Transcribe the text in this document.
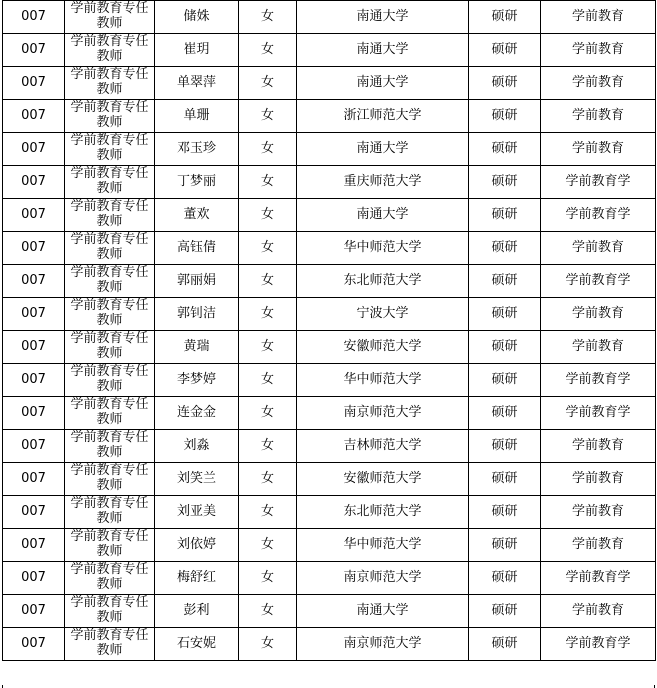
007	学前教育专任教师	储姝	女	南通大学	硕研	学前教育

007	学前教育专任教师	崔玥	女	南通大学	硕研	学前教育

007	学前教育专任教师	单翠萍	女	南通大学	硕研	学前教育

007	学前教育专任教师	单珊	女	浙江师范大学	硕研	学前教育

007	学前教育专任教师	邓玉珍	女	南通大学	硕研	学前教育

007	学前教育专任教师	丁梦丽	女	重庆师范大学	硕研	学前教育学

007	学前教育专任教师	董欢	女	南通大学	硕研	学前教育学

007	学前教育专任教师	高钰倩	女	华中师范大学	硕研	学前教育

007	学前教育专任教师	郭丽娟	女	东北师范大学	硕研	学前教育学

007	学前教育专任教师	郭钊洁	女	宁波大学	硕研	学前教育

007	学前教育专任教师	黄瑞	女	安徽师范大学	硕研	学前教育

007	学前教育专任教师	李梦婷	女	华中师范大学	硕研	学前教育学

007	学前教育专任教师	连金金	女	南京师范大学	硕研	学前教育学

007	学前教育专任教师	刘淼	女	吉林师范大学	硕研	学前教育

007	学前教育专任教师	刘笑兰	女	安徽师范大学	硕研	学前教育

007	学前教育专任教师	刘亚美	女	东北师范大学	硕研	学前教育

007	学前教育专任教师	刘依婷	女	华中师范大学	硕研	学前教育

007	学前教育专任教师	梅舒红	女	南京师范大学	硕研	学前教育学

007	学前教育专任教师	彭利	女	南通大学	硕研	学前教育

007	学前教育专任教师	石安妮	女	南京师范大学	硕研	学前教育学
